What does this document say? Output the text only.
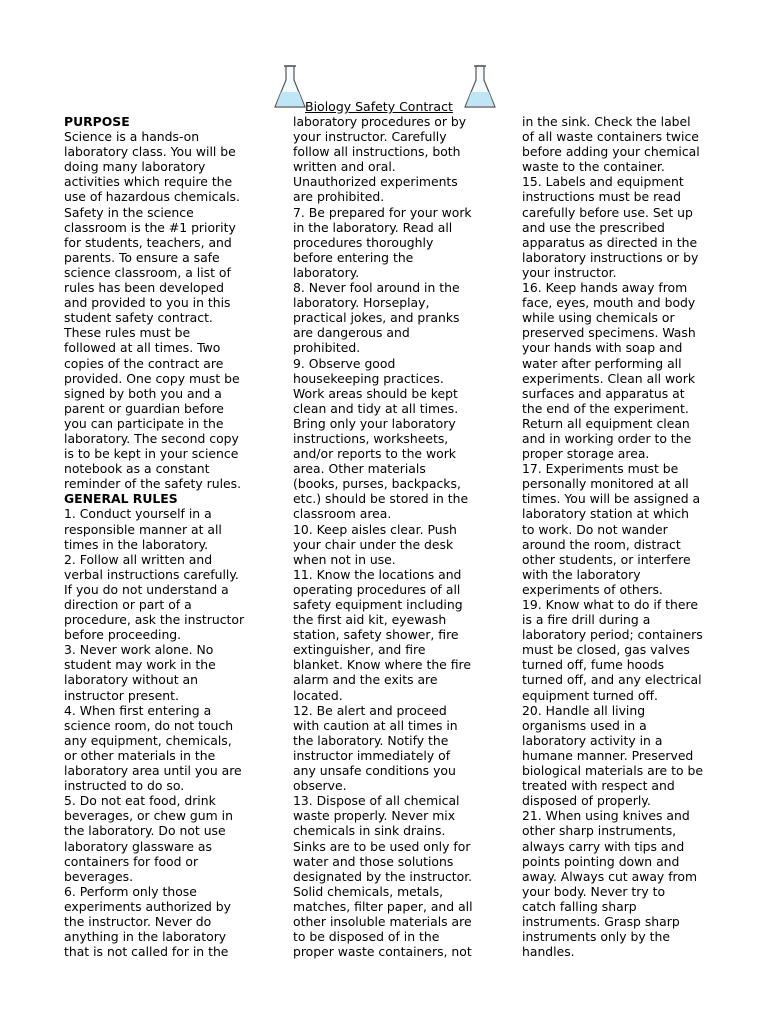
Biology Safety Contract
PURPOSE
Science is a hands-on
laboratory class. You will be
doing many laboratory
activities which require the
use of hazardous chemicals.
Safety in the science
classroom is the #1 priority
for students, teachers, and
parents. To ensure a safe
science classroom, a list of
rules has been developed
and provided to you in this
student safety contract.
These rules must be
followed at all times. Two
copies of the contract are
provided. One copy must be
signed by both you and a
parent or guardian before
you can participate in the
laboratory. The second copy
is to be kept in your science
notebook as a constant
reminder of the safety rules.
GENERAL RULES
1. Conduct yourself in a
responsible manner at all
times in the laboratory.
2. Follow all written and
verbal instructions carefully.
If you do not understand a
direction or part of a
procedure, ask the instructor
before proceeding.
3. Never work alone. No
student may work in the
laboratory without an
instructor present.
4. When first entering a
science room, do not touch
any equipment, chemicals,
or other materials in the
laboratory area until you are
instructed to do so.
5. Do not eat food, drink
beverages, or chew gum in
the laboratory. Do not use
laboratory glassware as
containers for food or
beverages.
6. Perform only those
experiments authorized by
the instructor. Never do
anything in the laboratory
that is not called for in the
laboratory procedures or by
your instructor. Carefully
follow all instructions, both
written and oral.
Unauthorized experiments
are prohibited.
7. Be prepared for your work
in the laboratory. Read all
procedures thoroughly
before entering the
laboratory.
8. Never fool around in the
laboratory. Horseplay,
practical jokes, and pranks
are dangerous and
prohibited.
9. Observe good
housekeeping practices.
Work areas should be kept
clean and tidy at all times.
Bring only your laboratory
instructions, worksheets,
and/or reports to the work
area. Other materials
(books, purses, backpacks,
etc.) should be stored in the
classroom area.
10. Keep aisles clear. Push
your chair under the desk
when not in use.
11. Know the locations and
operating procedures of all
safety equipment including
the first aid kit, eyewash
station, safety shower, fire
extinguisher, and fire
blanket. Know where the fire
alarm and the exits are
located.
12. Be alert and proceed
with caution at all times in
the laboratory. Notify the
instructor immediately of
any unsafe conditions you
observe.
13. Dispose of all chemical
waste properly. Never mix
chemicals in sink drains.
Sinks are to be used only for
water and those solutions
designated by the instructor.
Solid chemicals, metals,
matches, filter paper, and all
other insoluble materials are
to be disposed of in the
proper waste containers, not
in the sink. Check the label
of all waste containers twice
before adding your chemical
waste to the container.
15. Labels and equipment
instructions must be read
carefully before use. Set up
and use the prescribed
apparatus as directed in the
laboratory instructions or by
your instructor.
16. Keep hands away from
face, eyes, mouth and body
while using chemicals or
preserved specimens. Wash
your hands with soap and
water after performing all
experiments. Clean all work
surfaces and apparatus at
the end of the experiment.
Return all equipment clean
and in working order to the
proper storage area.
17. Experiments must be
personally monitored at all
times. You will be assigned a
laboratory station at which
to work. Do not wander
around the room, distract
other students, or interfere
with the laboratory
experiments of others.
19. Know what to do if there
is a fire drill during a
laboratory period; containers
must be closed, gas valves
turned off, fume hoods
turned off, and any electrical
equipment turned off.
20. Handle all living
organisms used in a
laboratory activity in a
humane manner. Preserved
biological materials are to be
treated with respect and
disposed of properly.
21. When using knives and
other sharp instruments,
always carry with tips and
points pointing down and
away. Always cut away from
your body. Never try to
catch falling sharp
instruments. Grasp sharp
instruments only by the
handles.
